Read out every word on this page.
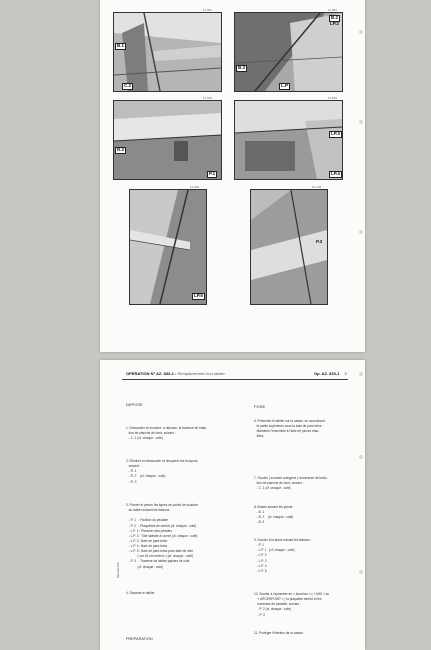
11 681
B.1
C.2
11 681
B.2
LP.2
B.3
L.P
11 634
R.2
P.1
11 634
LP.3
LP.4
11 636
LP.5
13 135
P.3
OPERATION N° AZ. 833-1 : Remplacement d'un tablier	Op. AZ. 833-1 2
DEPOSE	POSE
Manuel 833
1. Dessouder en bordure, à déposer, la traverse de traitu-
tion de planche de bord, suivant :
- C. 1 (cf. chaque : coté)
2. Eliminer en dessouder et récupérer les tronçons,
suivant :
- R. 1
- R. 2    (cf. chaque : coté)
- R. 3
3. Pointer et percer les lignes de points de soudure
du tablier suivant les liaisons :

- P. 1   : Pavillon du pédalier
- P. 2   : Plaquettes de renfort (cf. chaque : coté)
- L.P. 1 : Plancher des pédales
- L.P. 2 : Tôle latérale à cornet (cf. chaque : coté)
- L.P. 3 : Baie de pare-brise
- L.P. 4 : Baie de pare-brise
- L.P. 5 : Baie de pare-brise-pare-baie de côte
( sur 15 cm environ ) (cf. chaque : coté)
- P. 3   : Traverse de tablier-papiers de côte
(cf. chaque : coté)
4. Déposer le tablier.
6. Présenter le tablier sur la caisse, en accrochant
la partie supérieure sous la baie de pare-brise.
Maintenir l'ensemble à l'aide de pinces étau-
tôles.
7. Souder ( soudure autogène ) la traverse de traitu-
tion de planche de bord, suivant :
- C. 1 (cf. chaque : coté)
8. Braser suivant les points :
- B. 1
- B. 2    (cf. chaque : coté)
- B. 3
9. Souder à la pince suivant les liaisons :
- P. 1
- L.P. 1   (cf. chaque : coté)
- L.P. 2
- L.P. 3
- L.P. 4
- L.P. 5
10. Souder à l'aplomber en « bouchon » ( « MIG » ou
« ARCERPOINT » ) la plaquette renfort et les
traverses de pédalier, suivant :
- P. 2 (cf. chaque : coté)
- P. 3
11. Protéger l'intérieur de la caisse.
PREPARATION
